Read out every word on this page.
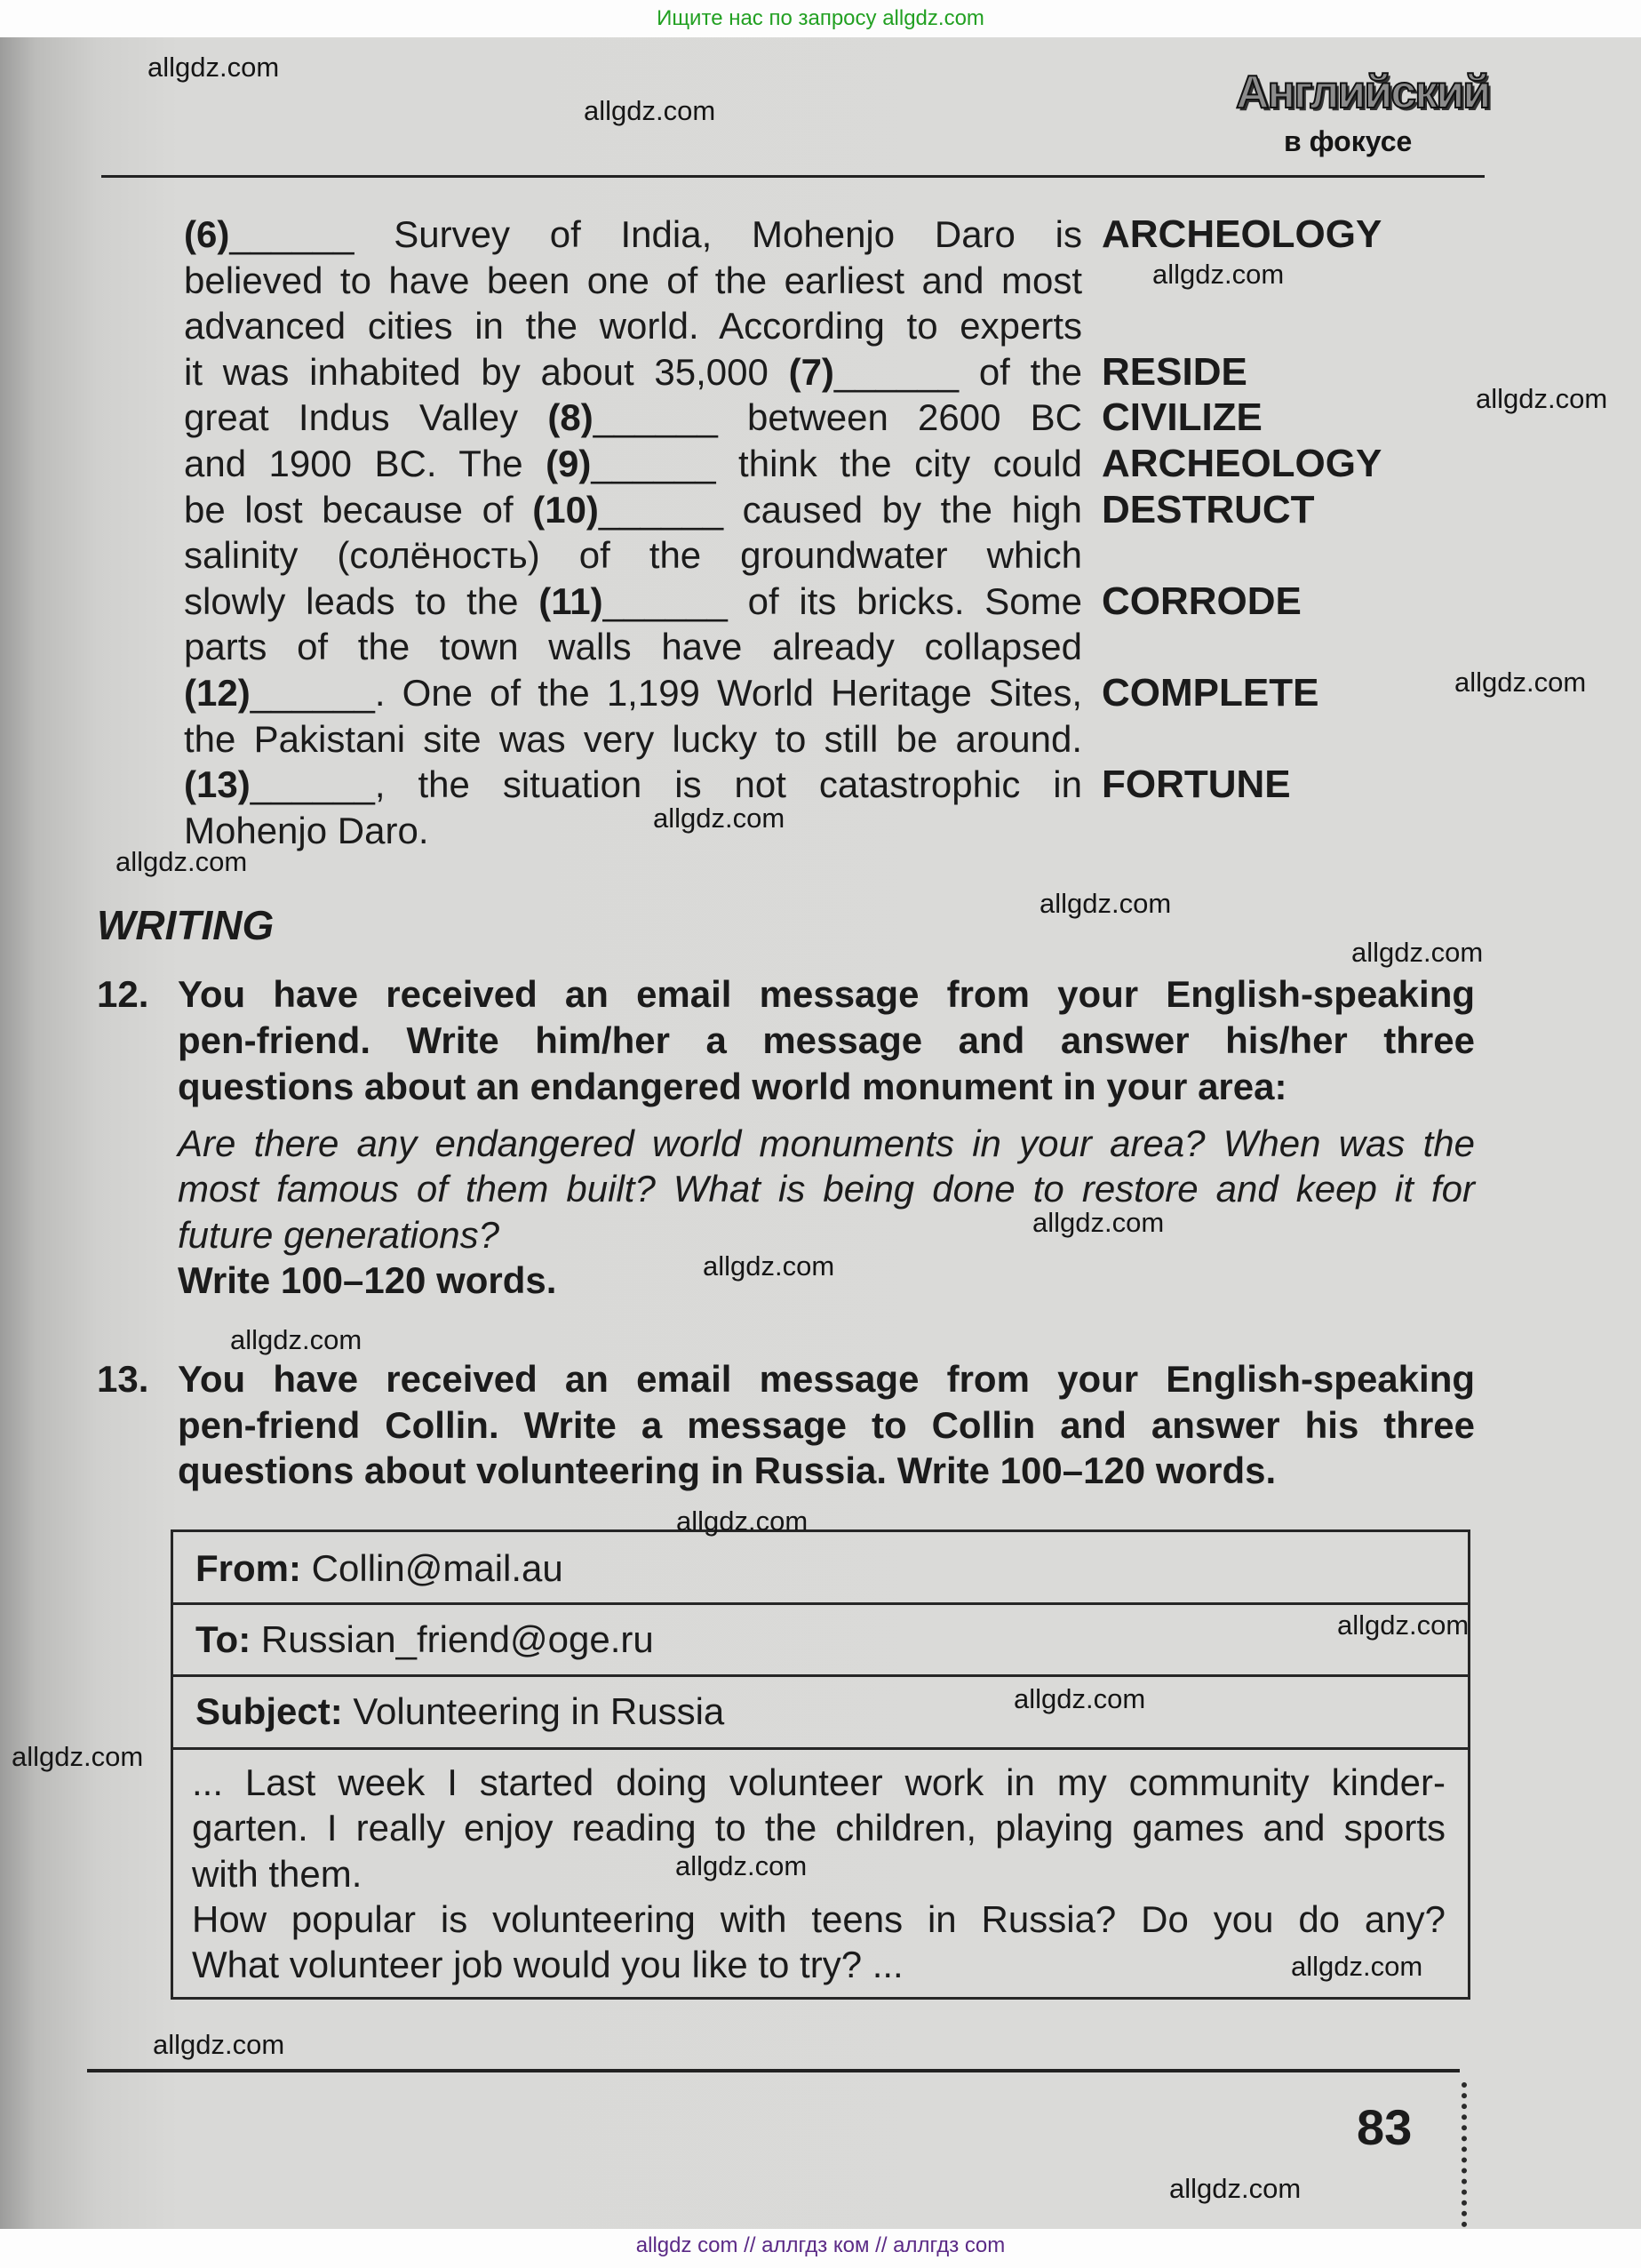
Ищите нас по запросу allgdz.com
Английский
в фокусе
(6)______ Survey of India, Mohenjo Daro is ARCHEOLOGY
believed to have been one of the earliest and most
advanced cities in the world. According to experts
it was inhabited by about 35,000 (7)______ of the RESIDE
great Indus Valley (8)______ between 2600 BC CIVILIZE
and 1900 BC. The (9)______ think the city could ARCHEOLOGY
be lost because of (10)______ caused by the high DESTRUCT
salinity (солёность) of the groundwater which
slowly leads to the (11)______ of its bricks. Some CORRODE
parts of the town walls have already collapsed
(12)______. One of the 1,199 World Heritage Sites, COMPLETE
the Pakistani site was very lucky to still be around.
(13)______, the situation is not catastrophic in FORTUNE
Mohenjo Daro.
WRITING
12. You have received an email message from your English-speaking
pen-friend. Write him/her a message and answer his/her three
questions about an endangered world monument in your area:
Are there any endangered world monuments in your area? When was the
most famous of them built? What is being done to restore and keep it for
future generations?
Write 100–120 words.
13. You have received an email message from your English-speaking
pen-friend Collin. Write a message to Collin and answer his three
questions about volunteering in Russia. Write 100–120 words.
From: Collin@mail.au
To: Russian_friend@oge.ru
Subject: Volunteering in Russia
... Last week I started doing volunteer work in my community kinder-
garten. I really enjoy reading to the children, playing games and sports
with them.
How popular is volunteering with teens in Russia? Do you do any?
What volunteer job would you like to try? ...
83
allgdz com // аллгдз ком // аллгдз com
allgdz.com
allgdz.com
allgdz.com
allgdz.com
allgdz.com
allgdz.com
allgdz.com
allgdz.com
allgdz.com
allgdz.com
allgdz.com
allgdz.com
allgdz.com
allgdz.com
allgdz.com
allgdz.com
allgdz.com
allgdz.com
allgdz.com
allgdz.com
